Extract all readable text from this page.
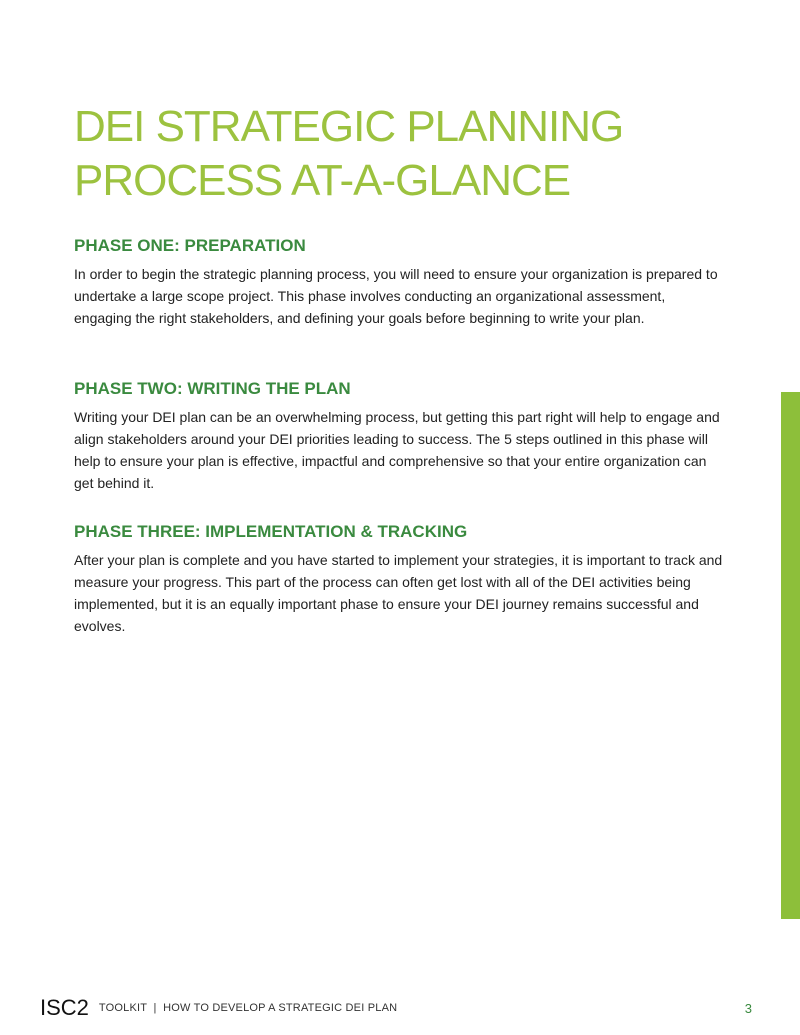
DEI STRATEGIC PLANNING
PROCESS AT-A-GLANCE
PHASE ONE: PREPARATION

In order to begin the strategic planning process, you will need to ensure your organization is prepared to undertake a large scope project. This phase involves conducting an organizational assessment, engaging the right stakeholders, and defining your goals before beginning to write your plan.

PHASE TWO: WRITING THE PLAN

Writing your DEI plan can be an overwhelming process, but getting this part right will help to engage and align stakeholders around your DEI priorities leading to success. The 5 steps outlined in this phase will help to ensure your plan is effective, impactful and comprehensive so that your entire organization can get behind it.

PHASE THREE: IMPLEMENTATION & TRACKING

After your plan is complete and you have started to implement your strategies, it is important to track and measure your progress. This part of the process can often get lost with all of the DEI activities being implemented, but it is an equally important phase to ensure your DEI journey remains successful and evolves.

ISC2 TOOLKIT  |  HOW TO DEVELOP A STRATEGIC DEI PLAN	3
